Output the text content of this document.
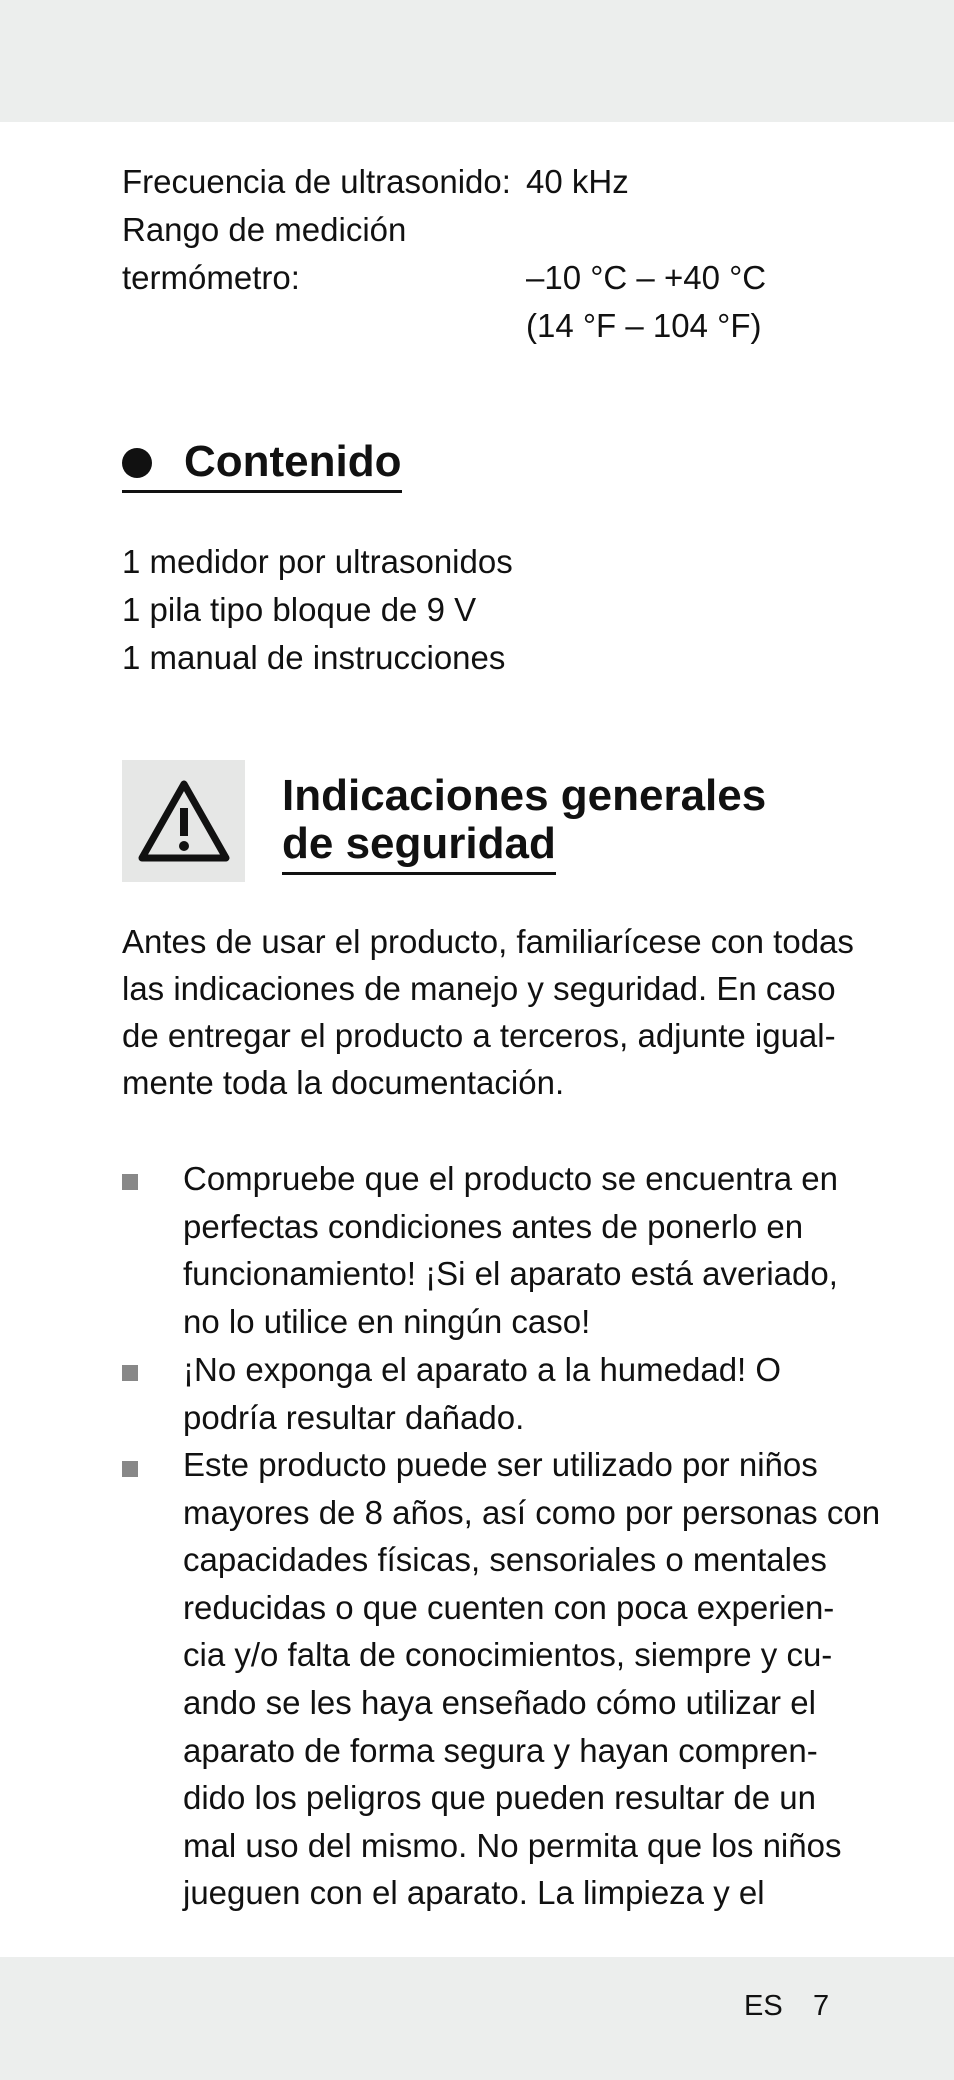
Frecuencia de ultrasonido: 40 kHz
Rango de medición
termómetro:	–10 °C – +40 °C
(14 °F – 104 °F)
Contenido
1 medidor por ultrasonidos
1 pila tipo bloque de 9 V
1 manual de instrucciones
Indicaciones generales
de seguridad
Antes de usar el producto, familiarícese con todas
las indicaciones de manejo y seguridad. En caso
de entregar el producto a terceros, adjunte igual-
mente toda la documentación.
Compruebe que el producto se encuentra en
perfectas condiciones antes de ponerlo en
funcionamiento! ¡Si el aparato está averiado,
no lo utilice en ningún caso!
¡No exponga el aparato a la humedad! O
podría resultar dañado.
Este producto puede ser utilizado por niños
mayores de 8 años, así como por personas con
capacidades físicas, sensoriales o mentales
reducidas o que cuenten con poca experien-
cia y/o falta de conocimientos, siempre y cu-
ando se les haya enseñado cómo utilizar el
aparato de forma segura y hayan compren-
dido los peligros que pueden resultar de un
mal uso del mismo. No permita que los niños
jueguen con el aparato. La limpieza y el
ES 7
